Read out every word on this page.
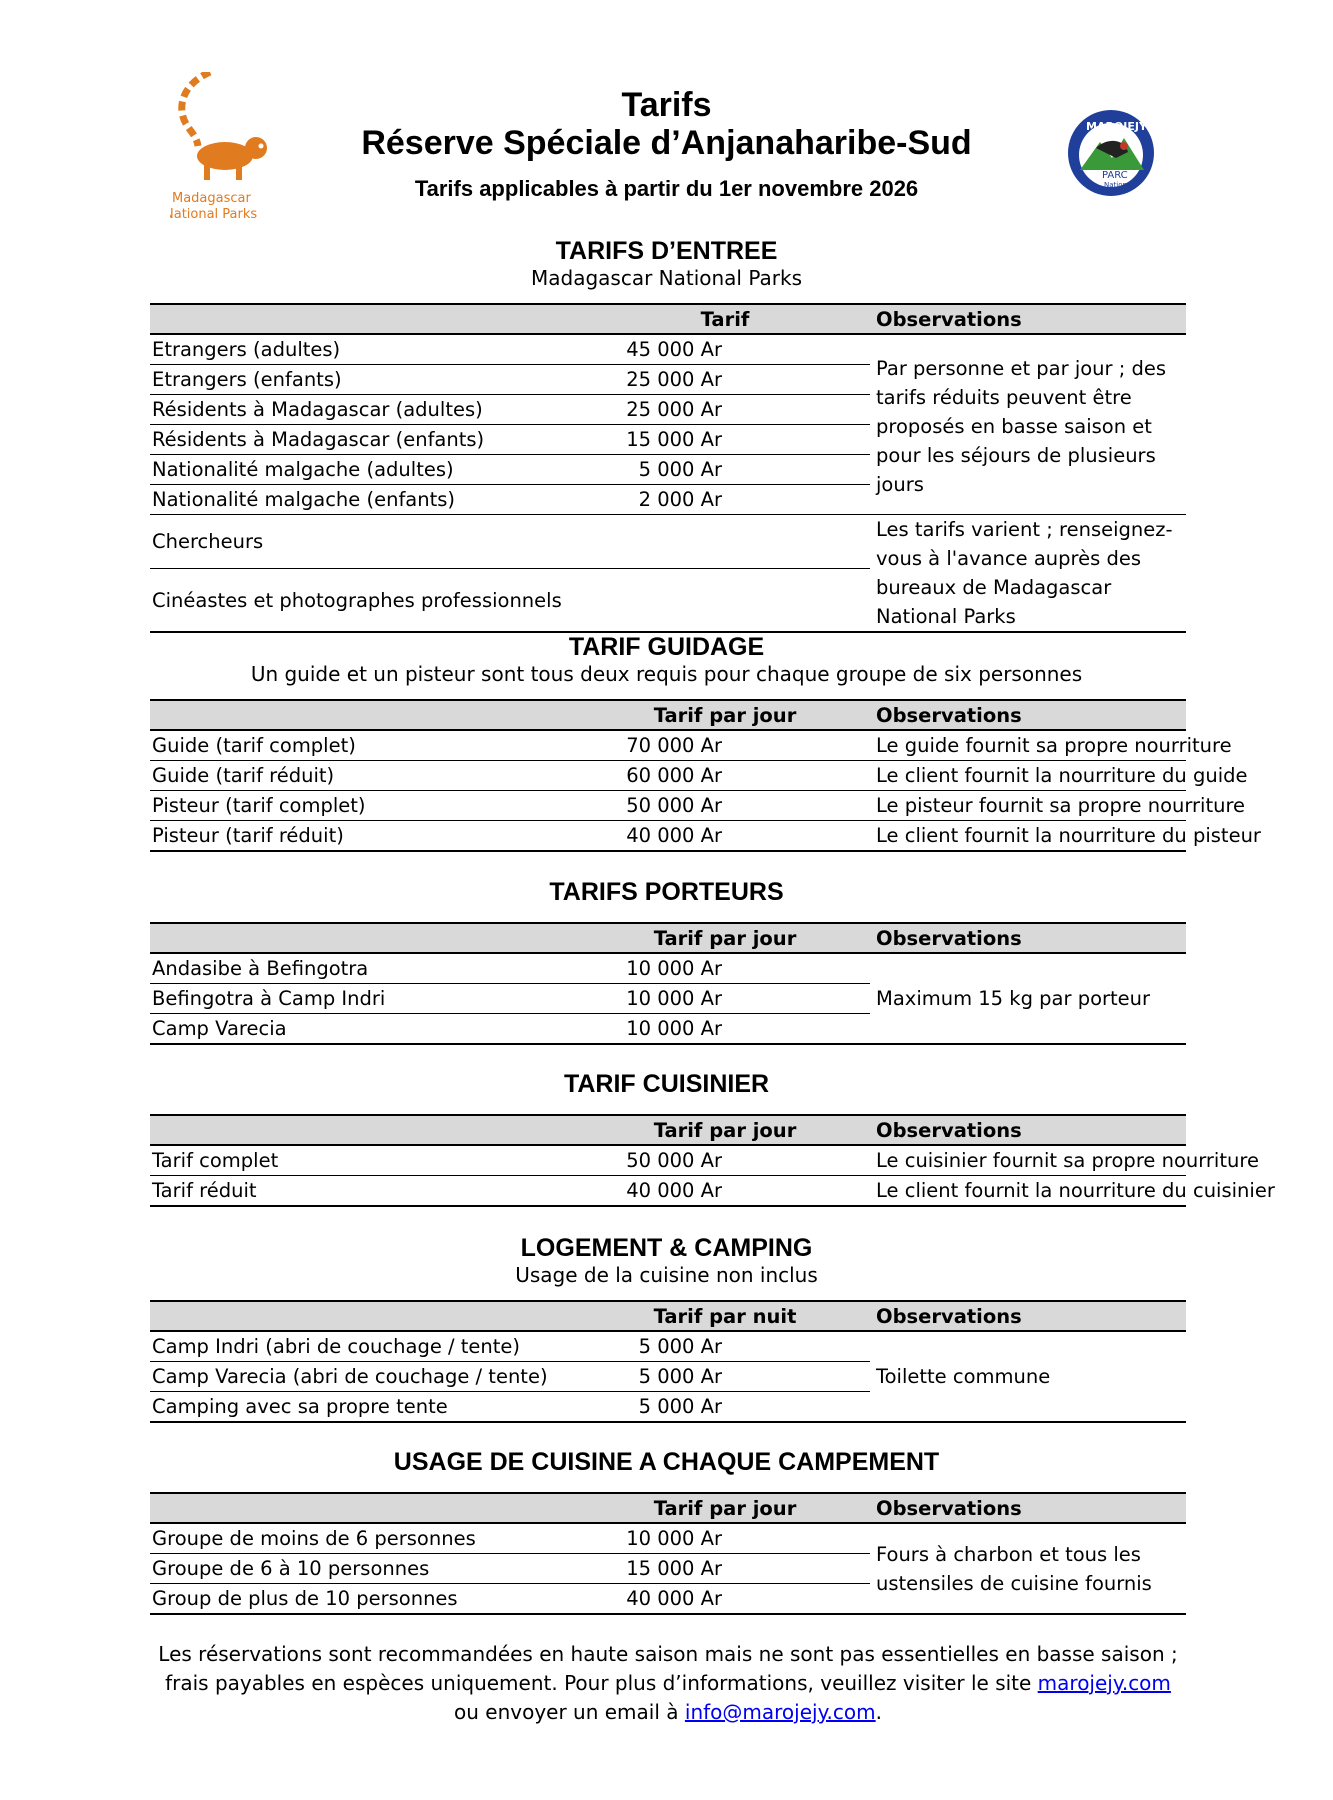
Madagascar
National Parks
MAROJEJY
PARC
National
Tarifs
Réserve Spéciale d’Anjanaharibe-Sud
Tarifs applicables à partir du 1er novembre 2026
TARIFS D’ENTREE
Madagascar National Parks
	Tarif	Observations
Etrangers (adultes)	45 000 Ar	Par personne et par jour ; des tarifs réduits peuvent être proposés en basse saison et pour les séjours de plusieurs jours
Etrangers (enfants)	25 000 Ar	
Résidents à Madagascar (adultes)	25 000 Ar	
Résidents à Madagascar (enfants)	15 000 Ar	
Nationalité malgache (adultes)	5 000 Ar	
Nationalité malgache (enfants)	2 000 Ar	
Chercheurs		Les tarifs varient ; renseignez-vous à l'avance auprès des bureaux de Madagascar National Parks
Cinéastes et photographes professionnels		
TARIF GUIDAGE
Un guide et un pisteur sont tous deux requis pour chaque groupe de six personnes
	Tarif par jour	Observations
Guide (tarif complet)	70 000 Ar	Le guide fournit sa propre nourriture
Guide (tarif réduit)	60 000 Ar	Le client fournit la nourriture du guide
Pisteur (tarif complet)	50 000 Ar	Le pisteur fournit sa propre nourriture
Pisteur (tarif réduit)	40 000 Ar	Le client fournit la nourriture du pisteur
TARIFS PORTEURS
	Tarif par jour	Observations
Andasibe à Befingotra	10 000 Ar	Maximum 15 kg par porteur
Befingotra à Camp Indri	10 000 Ar	
Camp Varecia	10 000 Ar	
TARIF CUISINIER
	Tarif par jour	Observations
Tarif complet	50 000 Ar	Le cuisinier fournit sa propre nourriture
Tarif réduit	40 000 Ar	Le client fournit la nourriture du cuisinier
LOGEMENT & CAMPING
Usage de la cuisine non inclus
	Tarif par nuit	Observations
Camp Indri (abri de couchage / tente)	5 000 Ar	Toilette commune
Camp Varecia (abri de couchage / tente)	5 000 Ar	
Camping avec sa propre tente	5 000 Ar	
USAGE DE CUISINE A CHAQUE CAMPEMENT
	Tarif par jour	Observations
Groupe de moins de 6 personnes	10 000 Ar	Fours à charbon et tous les ustensiles de cuisine fournis
Groupe de 6 à 10 personnes	15 000 Ar	
Group de plus de 10 personnes	40 000 Ar	
Les réservations sont recommandées en haute saison mais ne sont pas essentielles en basse saison ; frais payables en espèces uniquement. Pour plus d’informations, veuillez visiter le site marojejy.com ou envoyer un email à info@marojejy.com.
